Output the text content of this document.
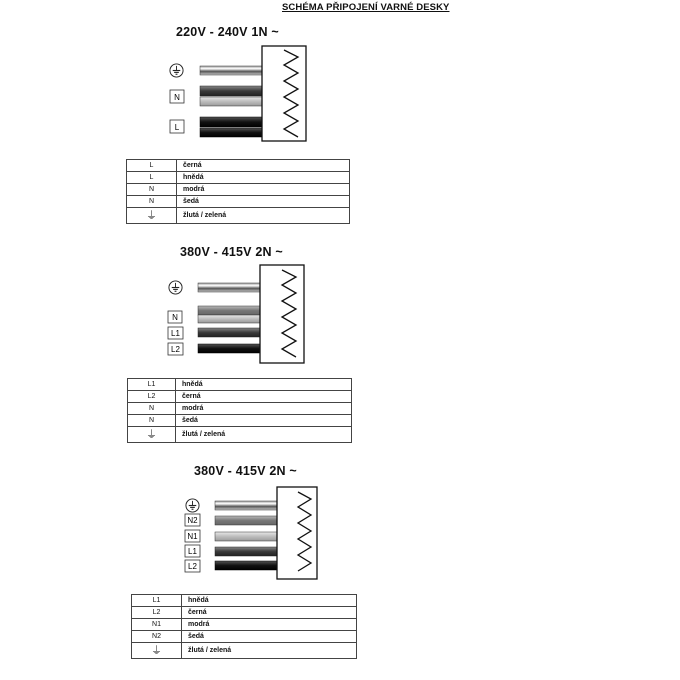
SCHÉMA PŘIPOJENÍ VARNÉ DESKY
220V - 240V 1N ~
380V - 415V 2N ~
380V - 415V 2N ~
N
L
N
L1
L2
N2
N1
L1
L2
L	černá
L	hnědá
N	modrá
N	šedá
⏚	žlutá / zelená
L1	hnědá
L2	černá
N	modrá
N	šedá
⏚	žlutá / zelená
L1	hnědá
L2	černá
N1	modrá
N2	šedá
⏚	žlutá / zelená
